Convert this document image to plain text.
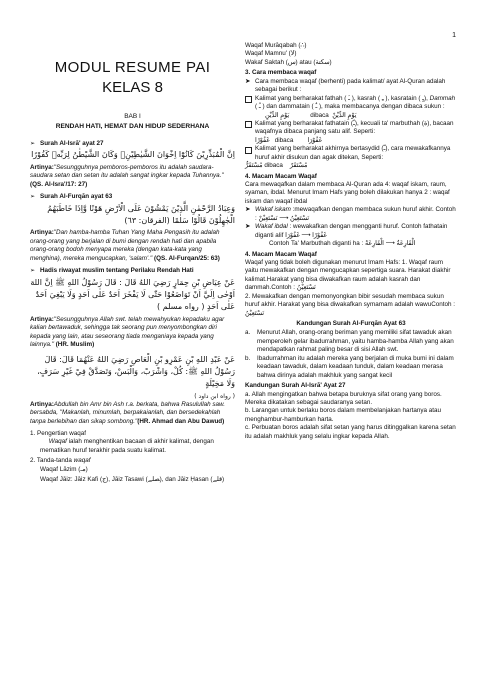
1
MODUL RESUME PAI
KELAS 8

BAB I

RENDAH HATI, HEMAT DAN HIDUP SEDERHANA

➢ Surah Al-Isrā' ayat 27

اِنَّ الْمُبَذِّرِيْنَ كَانُوْٓا اِخْوَانَ الشَّيٰطِيْنِۗ وَكَانَ الشَّيْطٰنُ لِرَبِّهٖ كَفُوْرًا

Artinya:"Sesungguhnya pemboros-pemboros itu adalah saudara-saudara setan dan setan itu adalah sangat ingkar kepada Tuhannya." (QS. Al-Isra'/17: 27)

➢ Surah Al-Furqān ayat 63

وَعِبَادُ الرَّحْمٰنِ الَّذِيْنَ يَمْشُوْنَ عَلَى الْاَرْضِ هَوْنًا وَّاِذَا خَاطَبَهُمُ الْجٰهِلُوْنَ قَالُوْا سَلٰمًا (الفرقان: ٦٣)

Artinya:"Dan hamba-hamba Tuhan Yang Maha Pengasih itu adalah orang-orang yang berjalan di bumi dengan rendah hati dan apabila orang-orang bodoh menyapa mereka (dengan kata-kata yang menghina), mereka mengucapkan, 'salam'." (QS. Al-Furqan/25: 63)

➢ Hadis riwayat muslim tentang Perilaku Rendah Hati

عَنْ عِيَاضِ بْنِ حِمَارٍ رَضِيَ اللهُ قَالَ : قَالَ رَسُوْلُ اللهِ ﷺ اِنَّ اللهَ اَوْحٰى اِلَيَّ اَنْ تَوَاضَعُوْا حَتّٰى لَا يَفْخَرَ اَحَدٌ عَلٰى اَحَدٍ وَلَا يَبْغِيَ اَحَدٌ عَلٰى اَحَدٍ ( رواه مسلم )

Artinya:"Sesungguhnya Allah swt. telah mewahyukan kepadaku agar kalian bertawaduk, sehingga tak seorang pun menyombongkan diri kepada yang lain, atau seseorang tiada menganiaya kepada yang lainnya." (HR. Muslim)

عَنْ عَبْدِ اللهِ بْنِ عَمْرِو بْنِ الْعَاصِ رَضِيَ اللهُ عَنْهُمَا قَالَ: قَالَ رَسُوْلُ اللهِ ﷺ: كُلْ، وَاشْرَبْ، وَالْبَسْ، وَتَصَدَّقْ فِيْ غَيْرِ سَرَفٍ، وَلَا مَخِيْلَةٍ

( رواه ابن داود )

Artinya:Abdullah bin Amr bin Ash r.a. berkata, bahwa Rasulullah saw. bersabda, "Makanlah, minumlah, berpakaianlah, dan bersedekahlah tanpa berlebihan dan sikap sombong."(HR. Ahmad dan Abu Dawud)

1. Pengertian waqaf

Waqaf ialah menghentikan bacaan di akhir kalimat, dengan mematikan huruf terakhir pada suatu kalimat.

2. Tanda-tanda waqaf

Waqaf Lāzim (مـ)

Waqaf Jāiz: Jāiz Kafi (ج), Jāiz Tasawi (ﺼﻠﮯ), dan Jāiz Ḥasan (ﻗﻠﮯ)

Waqaf Murāqabah (∴)

Waqaf Mamnu' (لا)

Wakaf Saktah (س) atau (سكتة)

3. Cara membaca waqaf

➤ Cara membaca waqaf (berhenti) pada kalimat/ ayat Al-Quran adalah sebagai berikut :

Kalimat yang berharakat fathah ( ـَ ), kasrah ( ـِ ), kasratain ( ـٍ), Dammah ( ـُ ) dan dammatain ( ـٌ ), maka membacanya dengan dibaca sukun :

يَوْمِ الدِّيْنِ	dibaca يَوْمِ الدِّيْنْ

Kalimat yang berharakat fathatain (ـً), kecuali ta' marbuthah (ة), bacaan waqafnya dibaca panjang satu alif. Seperti:

غَفُوْرًا dibaca غَفُوْرَا

Kalimat yang berharakat akhirnya bertasydid (ـّ), cara mewakafkannya huruf akhir disukun dan agak ditekan, Seperti:

مُسْتَقَرٌّ dibaca مُسْتَقَرّ

4. Macam Macam Waqaf

Cara mewaqafkan dalam membaca Al-Quran ada 4: waqaf iskam, raum, syaman, ibdal. Menurut Imam Hafs yang boleh dilakukan hanya 2 : waqaf iskam dan waqaf ibdal

➤ Wakaf iskam :mewaqafkan dengan membaca sukun huruf akhir. Contoh : نَسْتَعِيْنُ ⟶ نَسْتَعِيْنْ

➤ Wakaf ibdal : wewakafkan dengan mengganti huruf. Contoh fathatain diganti alif غَفُوْرًا ⟶ غَفُوْرَا

Contoh Ta' Marbuthah diganti ha : الْقَارِعَةُ ⟶ الْقَارِعَهْ

4. Macam Macam Waqaf

Waqaf yang tidak boleh digunakan menurut Imam Hafs: 1. Waqaf raum yaitu mewakafkan dengan mengucapkan sepertiga suara. Harakat diakhir kalimat.Harakat yang bisa diwakafkan raum adalah kasrah dan dammah.Contoh : نَسْتَعِيْنُ

2. Mewakafkan dengan memonyongkan bibir sesudah membaca sukun huruf akhir. Harakat yang bisa diwakafkan symamam adalah wawuContoh : نَسْتَعِيْنُ

Kandungan Surah Al-Furqān Ayat 63

a. Menurut Allah, orang-orang beriman yang memiliki sifat tawaduk akan memperoleh gelar ibadurrahman, yaitu hamba-hamba Allah yang akan mendapatkan rahmat paling besar di sisi Allah swt.

b. Ibadurrahman itu adalah mereka yang berjalan di muka bumi ini dalam keadaan tawaduk, dalam keadaan tunduk, dalam keadaan merasa bahwa dirinya adalah makhluk yang sangat kecil

Kandungan Surah Al-Isrā' Ayat 27

a. Allah mengingatkan bahwa betapa buruknya sifat orang yang boros. Mereka dikatakan sebagai saudaranya setan.

b. Larangan untuk berlaku boros dalam membelanjakan hartanya atau menghambur-hamburkan harta.

c. Perbuatan boros adalah sifat setan yang harus ditinggalkan karena setan itu adalah makhluk yang selalu ingkar kepada Allah.
